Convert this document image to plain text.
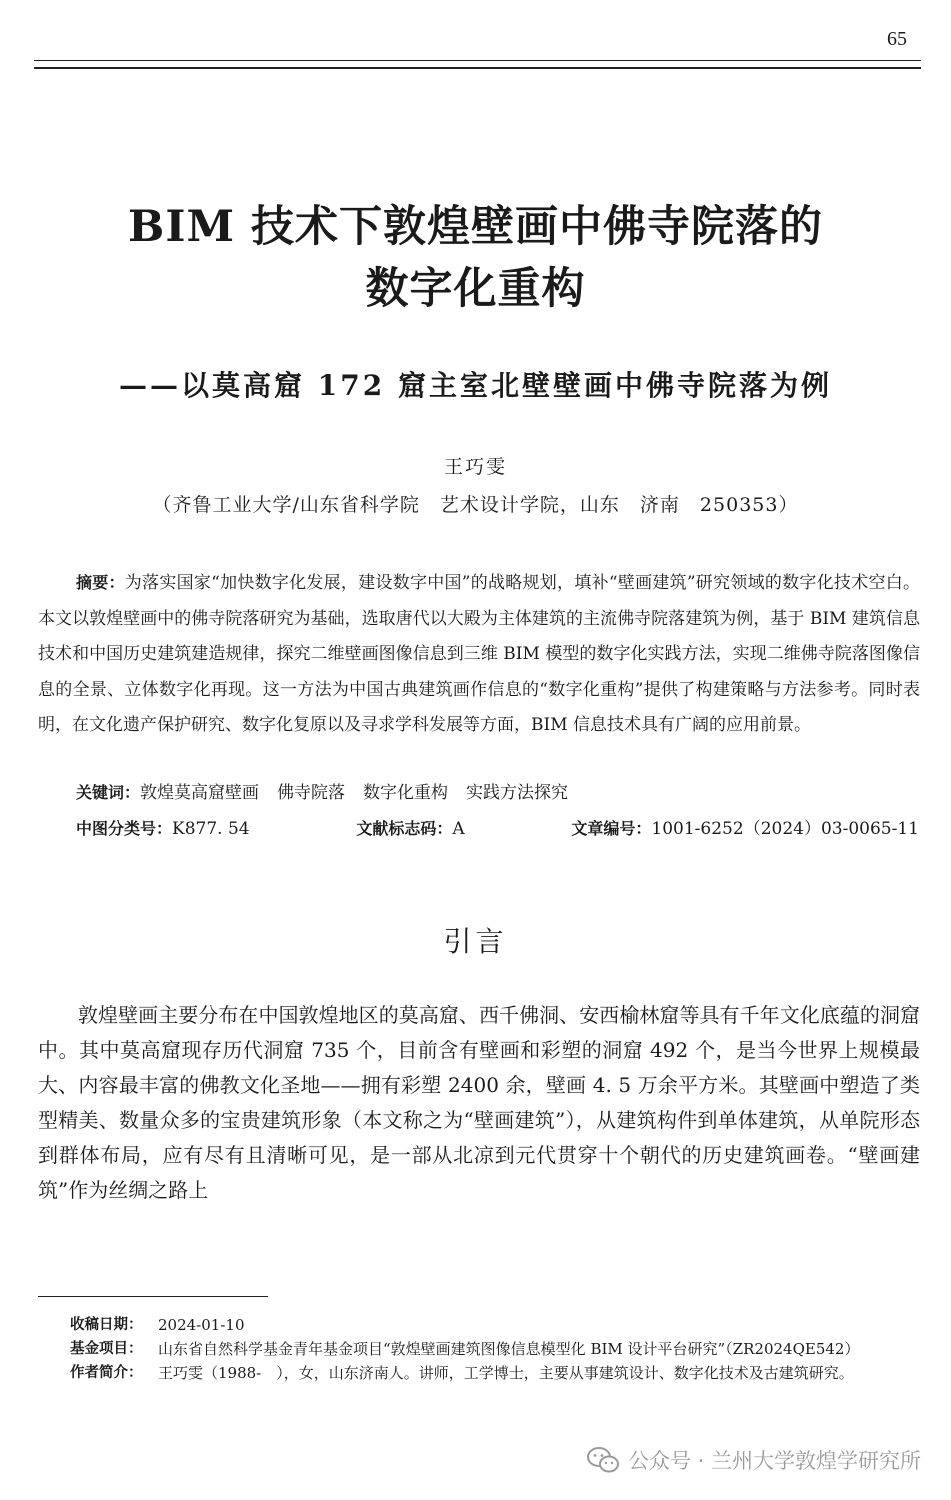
65
BIM 技术下敦煌壁画中佛寺院落的
数字化重构
——以莫高窟 172 窟主室北壁壁画中佛寺院落为例
王巧雯
（齐鲁工业大学/山东省科学院　艺术设计学院，山东　济南　250353）

摘要：为落实国家“加快数字化发展，建设数字中国”的战略规划，填补“壁画建筑”研究领域的数字化技术空白。本文以敦煌壁画中的佛寺院落研究为基础，选取唐代以大殿为主体建筑的主流佛寺院落建筑为例，基于 BIM 建筑信息技术和中国历史建筑建造规律，探究二维壁画图像信息到三维 BIM 模型的数字化实践方法，实现二维佛寺院落图像信息的全景、立体数字化再现。这一方法为中国古典建筑画作信息的“数字化重构”提供了构建策略与方法参考。同时表明，在文化遗产保护研究、数字化复原以及寻求学科发展等方面，BIM 信息技术具有广阔的应用前景。

关键词：敦煌莫高窟壁画 佛寺院落 数字化重构 实践方法探究
中图分类号：K877. 54	文献标志码：A	文章编号：1001-6252（2024）03-0065-11
引言

敦煌壁画主要分布在中国敦煌地区的莫高窟、西千佛洞、安西榆林窟等具有千年文化底蕴的洞窟中。其中莫高窟现存历代洞窟 735 个，目前含有壁画和彩塑的洞窟 492 个，是当今世界上规模最大、内容最丰富的佛教文化圣地——拥有彩塑 2400 余，壁画 4. 5 万余平方米。其壁画中塑造了类型精美、数量众多的宝贵建筑形象（本文称之为“壁画建筑”），从建筑构件到单体建筑，从单院形态到群体布局，应有尽有且清晰可见，是一部从北凉到元代贯穿十个朝代的历史建筑画卷。“壁画建筑”作为丝绸之路上

收稿日期：	2024-01-10
基金项目：	山东省自然科学基金青年基金项目“敦煌壁画建筑图像信息模型化 BIM 设计平台研究”（ZR2024QE542）
作者简介：	王巧雯（1988-　），女，山东济南人。讲师，工学博士，主要从事建筑设计、数字化技术及古建筑研究。
公众号 · 兰州大学敦煌学研究所
